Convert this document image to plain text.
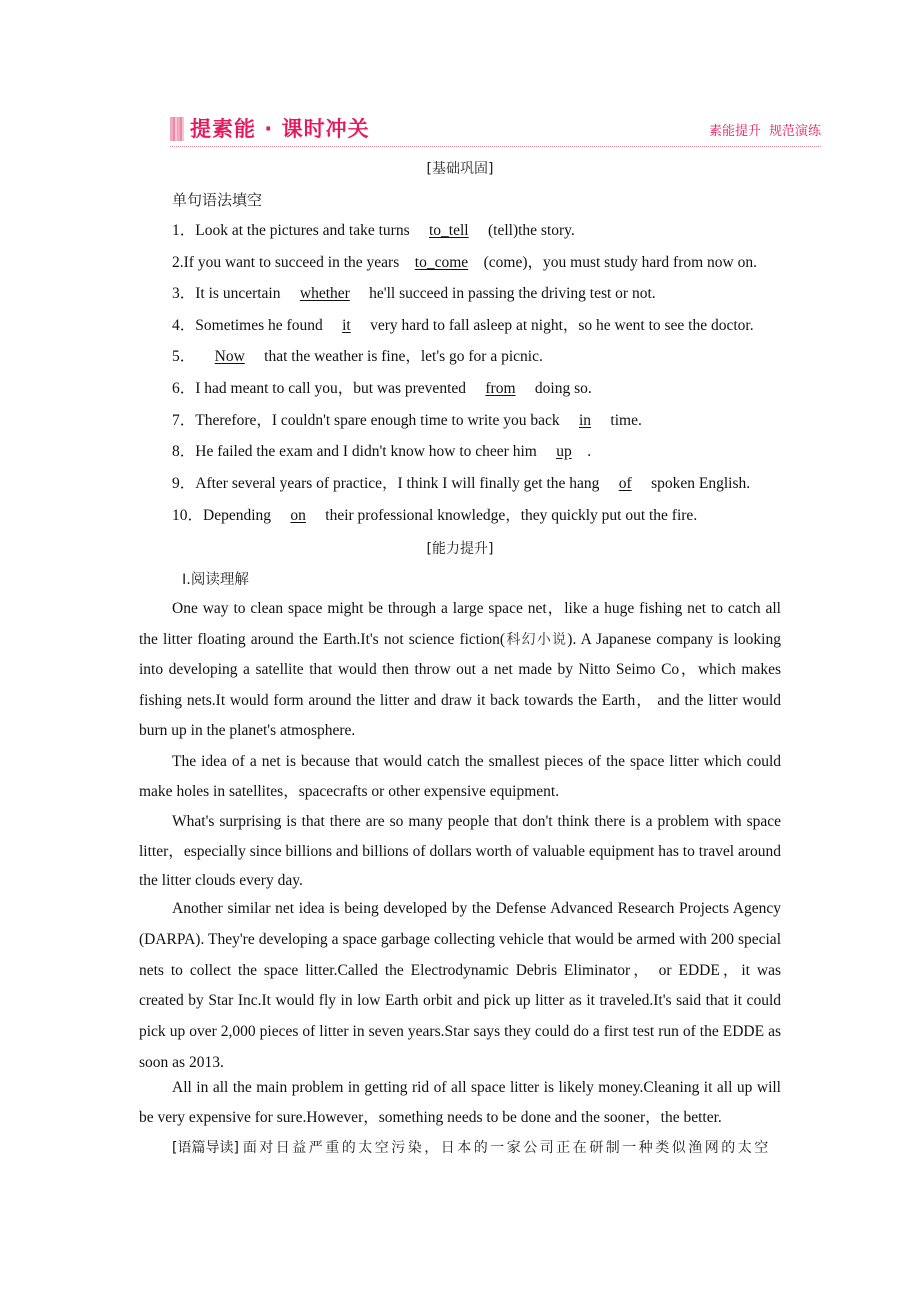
提素能 · 课时冲关	素能提升 规范演练
[基础巩固]
单句语法填空
1．Look at the pictures and take turns to_tell (tell)the story.
2.If you want to succeed in the years to_come (come)，you must study hard from now on.
3．It is uncertain whether he'll succeed in passing the driving test or not.
4．Sometimes he found it very hard to fall asleep at night，so he went to see the doctor.
5． Now that the weather is fine，let's go for a picnic.
6．I had meant to call you，but was prevented from doing so.
7．Therefore，I couldn't spare enough time to write you back in time.
8．He failed the exam and I didn't know how to cheer him up .
9．After several years of practice，I think I will finally get the hang of spoken English.
10．Depending on their professional knowledge，they quickly put out the fire.
[能力提升]
Ⅰ.阅读理解
One way to clean space might be through a large space net，like a huge fishing net to catch all the litter floating around the Earth.It's not science fiction(科幻小说). A Japanese company is looking into developing a satellite that would then throw out a net made by Nitto Seimo Co，which makes fishing nets.It would form around the litter and draw it back towards the Earth， and the litter would burn up in the planet's atmosphere.
The idea of a net is because that would catch the smallest pieces of the space litter which could make holes in satellites，spacecrafts or other expensive equipment.
What's surprising is that there are so many people that don't think there is a problem with space litter，especially since billions and billions of dollars worth of valuable equipment has to travel around the litter clouds every day.
Another similar net idea is being developed by the Defense Advanced Research Projects Agency (DARPA). They're developing a space garbage collecting vehicle that would be armed with 200 special nets to collect the space litter.Called the Electrodynamic Debris Eliminator， or EDDE，it was created by Star Inc.It would fly in low Earth orbit and pick up litter as it traveled.It's said that it could pick up over 2,000 pieces of litter in seven years.Star says they could do a first test run of the EDDE as soon as 2013.
All in all the main problem in getting rid of all space litter is likely money.Cleaning it all up will be very expensive for sure.However，something needs to be done and the sooner，the better.
[语篇导读] 面对日益严重的太空污染，日本的一家公司正在研制一种类似渔网的太空
